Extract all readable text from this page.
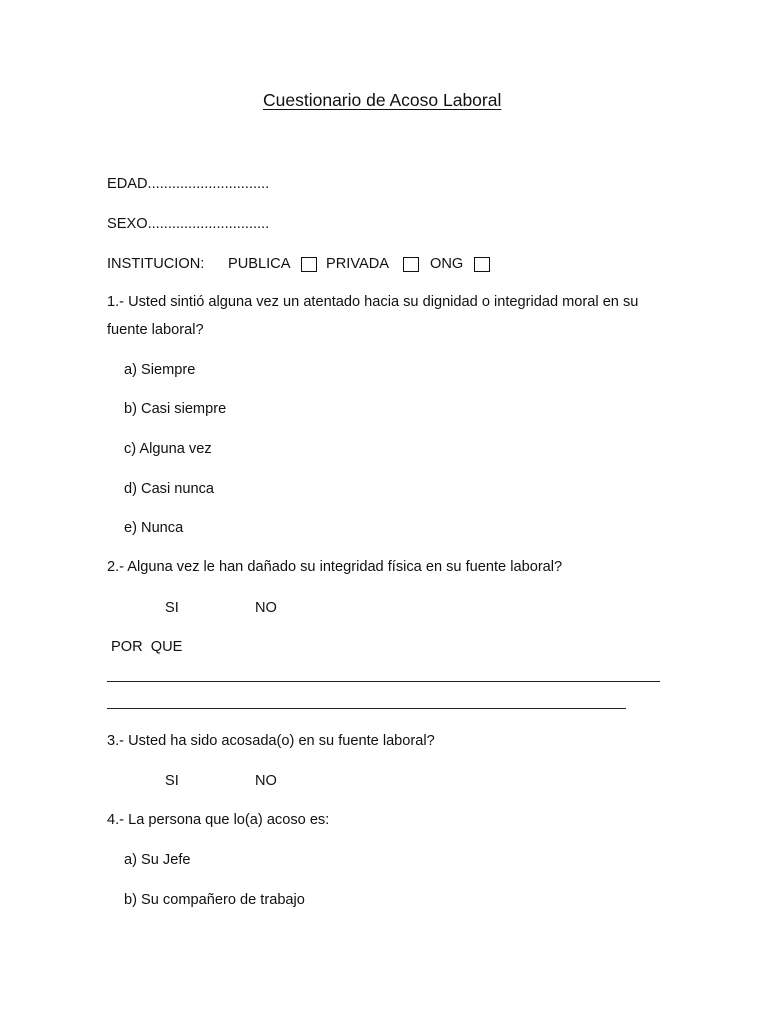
Cuestionario de Acoso Laboral
EDAD..............................
SEXO..............................
INSTITUCION: PUBLICA PRIVADA	ONG
1.- Usted sintió alguna vez un atentado hacia su dignidad o integridad moral en su
fuente laboral?
a) Siempre
b) Casi siempre
c) Alguna vez
d) Casi nunca
e) Nunca
2.- Alguna vez le han dañado su integridad física en su fuente laboral?
SI	NO
POR  QUE
3.- Usted ha sido acosada(o) en su fuente laboral?
SI	NO
4.- La persona que lo(a) acoso es:
a) Su Jefe
b) Su compañero de trabajo
